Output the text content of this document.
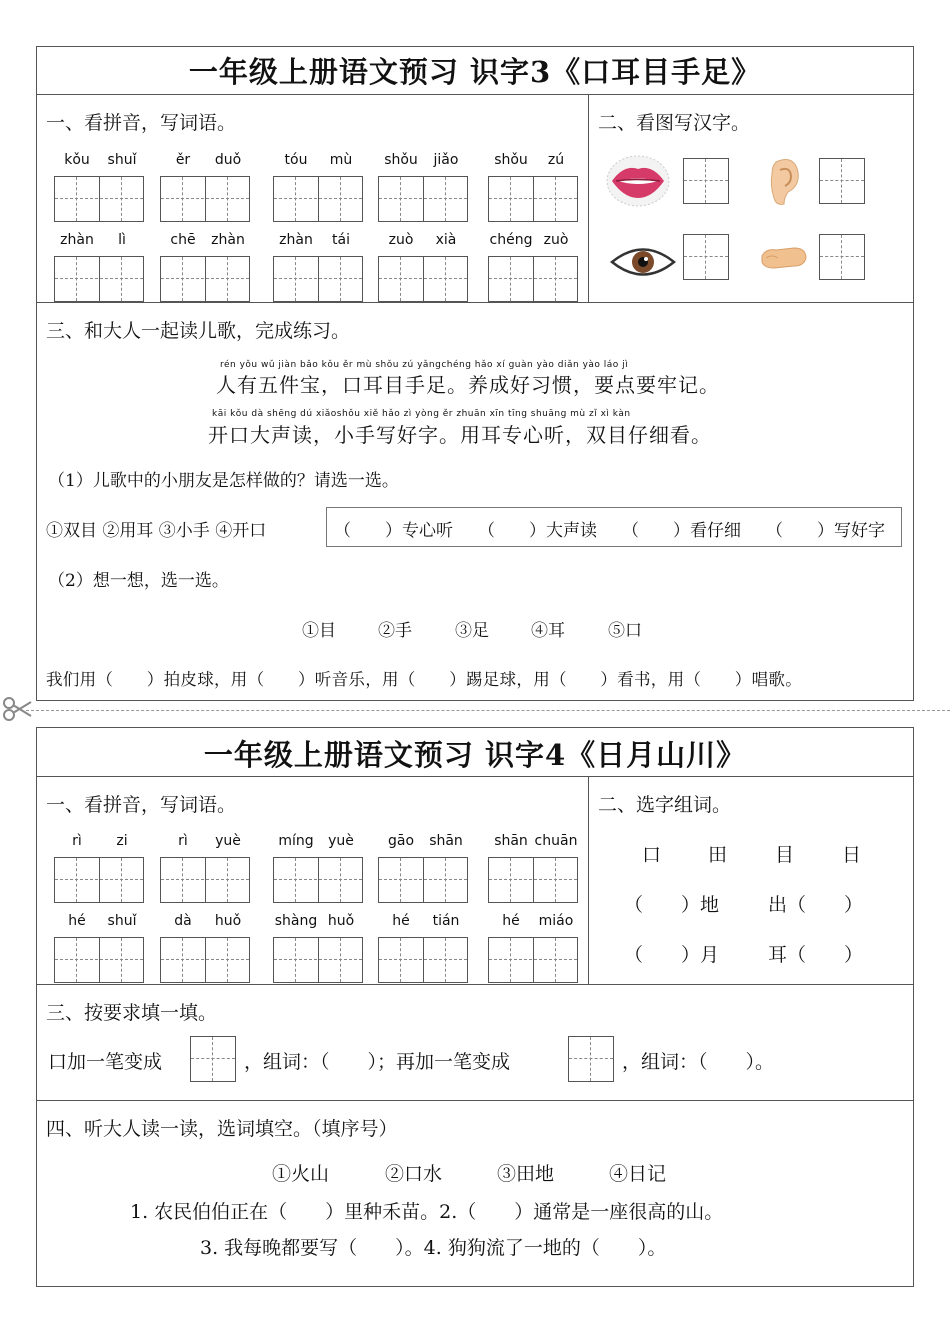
一年级上册语文预习 识字3《口耳目手足》
一、看拼音，写词语。
kǒu	shuǐ	ěr	duǒ	tóu	mù	shǒu	jiǎo	shǒu	zú
zhàn	lì	chē	zhàn	zhàn	tái	zuò	xià	chéng zuò
二、看图写汉字。
三、和大人一起读儿歌，完成练习。
rén yǒu wǔ jiàn bǎo kǒu ěr mù shǒu zú yǎngchéng hǎo xí guàn yào diǎn yào láo jì
人有五件宝，口耳目手足。养成好习惯，要点要牢记。
kāi kǒu dà shēng dú xiǎoshǒu xiě hǎo zì yòng ěr zhuān xīn tīng shuāng mù zǐ xì kàn
开口大声读，小手写好字。用耳专心听，双目仔细看。
（1）儿歌中的小朋友是怎样做的？请选一选。
①双目 ②用耳 ③小手 ④开口	（　　）专心听 （　　）大声读 （　　）看仔细 （　　）写好字
（2）想一想，选一选。
①目 ②手	③足 ④耳	⑤口
我们用（　　）拍皮球，用（　　）听音乐，用（　　）踢足球，用（　　）看书，用（　　）唱歌。
一年级上册语文预习 识字4《日月山川》
一、看拼音，写词语。
rì	zi	rì	yuè	míng	yuè	gāo	shān	shān chuān
hé	shuǐ	dà	huǒ	shàng huǒ	hé	tián	hé	miáo
二、选字组词。
口 田	目	日
（　　）地	出（　　）
（　　）月	耳（　　）
三、按要求填一填。
口加一笔变成	，组词：（　　）；再加一笔变成	，组词：（　　）。
四、听大人读一读，选词填空。（填序号）
①火山	②口水	③田地	④日记
1. 农民伯伯正在（　　）里种禾苗。2.（　　）通常是一座很高的山。
3. 我每晚都要写（　　）。4. 狗狗流了一地的（　　）。
